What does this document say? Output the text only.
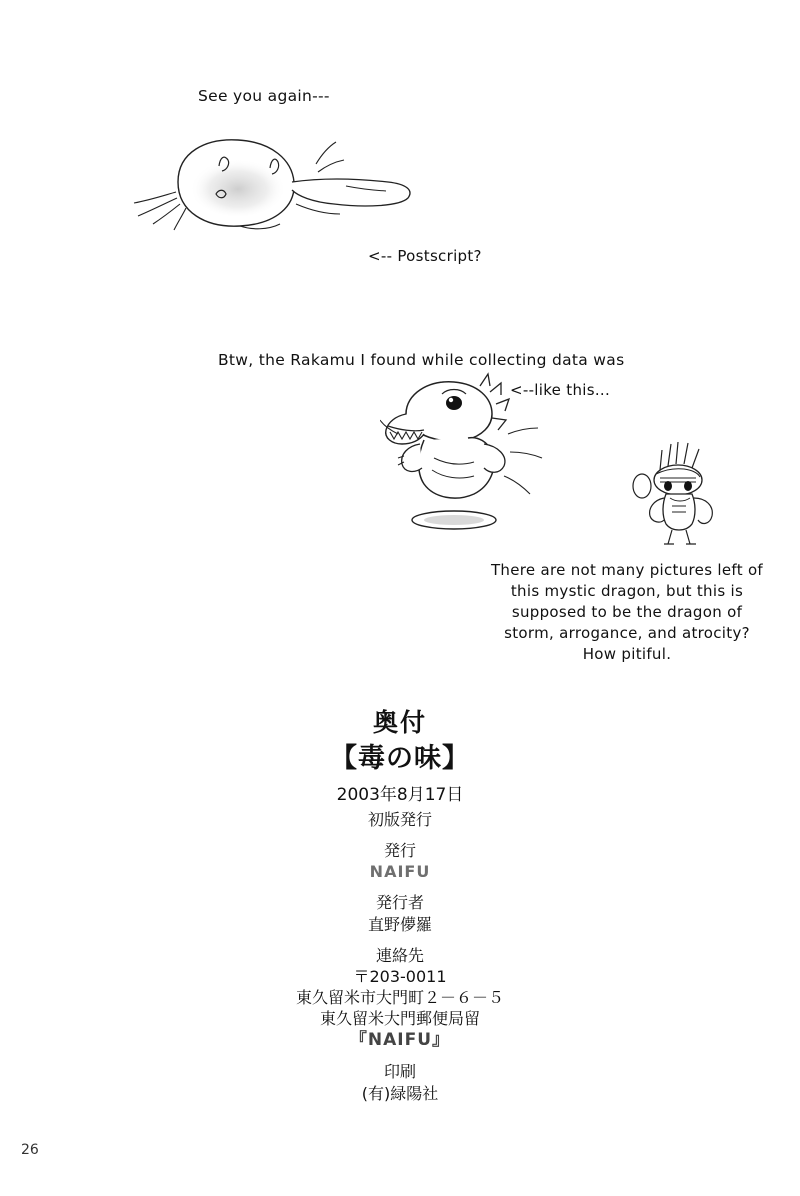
See you again---
<-- Postscript?
Btw, the Rakamu I found while collecting data was
<--like this...
There are not many pictures left of this mystic dragon, but this is supposed to be the dragon of storm, arrogance, and atrocity? How pitiful.
奥付
【毒の味】
2003年8月17日
初版発行
発行
NAIFU
発行者
直野儚羅
連絡先
〒203-0011
東久留米市大門町２－６－５
東久留米大門郵便局留
『NAIFU』
印刷
(有)緑陽社
26
